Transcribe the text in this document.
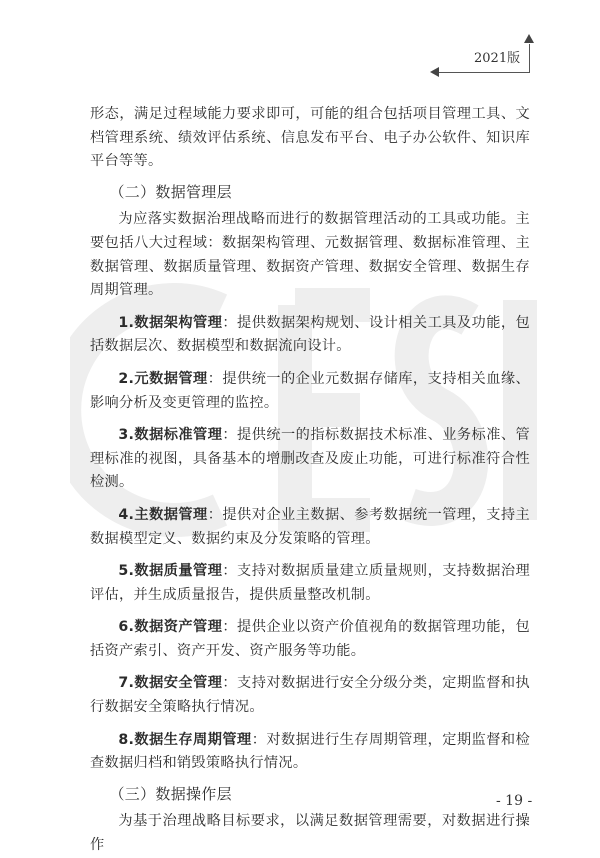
2021版

形态，满足过程域能力要求即可，可能的组合包括项目管理工具、文档管理系统、绩效评估系统、信息发布平台、电子办公软件、知识库平台等等。

（二）数据管理层

为应落实数据治理战略而进行的数据管理活动的工具或功能。主要包括八大过程域：数据架构管理、元数据管理、数据标准管理、主数据管理、数据质量管理、数据资产管理、数据安全管理、数据生存周期管理。

1.数据架构管理：提供数据架构规划、设计相关工具及功能，包括数据层次、数据模型和数据流向设计。

2.元数据管理：提供统一的企业元数据存储库，支持相关血缘、影响分析及变更管理的监控。

3.数据标准管理：提供统一的指标数据技术标准、业务标准、管理标准的视图，具备基本的增删改查及废止功能，可进行标准符合性检测。

4.主数据管理：提供对企业主数据、参考数据统一管理，支持主数据模型定义、数据约束及分发策略的管理。

5.数据质量管理：支持对数据质量建立质量规则，支持数据治理评估，并生成质量报告，提供质量整改机制。

6.数据资产管理：提供企业以资产价值视角的数据管理功能，包括资产索引、资产开发、资产服务等功能。

7.数据安全管理：支持对数据进行安全分级分类，定期监督和执行数据安全策略执行情况。

8.数据生存周期管理：对数据进行生存周期管理，定期监督和检查数据归档和销毁策略执行情况。

（三）数据操作层

为基于治理战略目标要求，以满足数据管理需要，对数据进行操作

- 19 -
